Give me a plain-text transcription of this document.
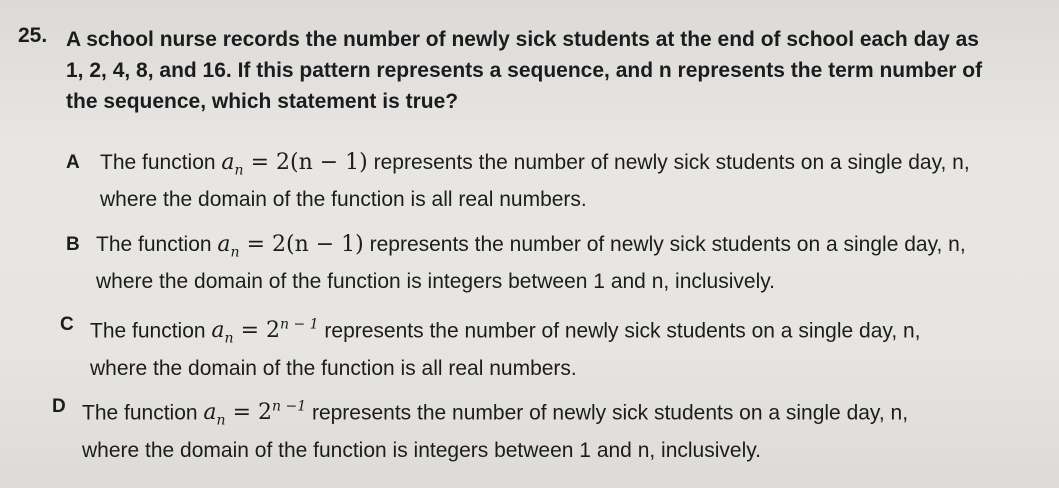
25. A school nurse records the number of newly sick students at the end of school each day as
1, 2, 4, 8, and 16. If this pattern represents a sequence, and n represents the term number of
the sequence, which statement is true?
A The function $a_n = 2(n - 1)$ represents the number of newly sick students on a single day, n,
where the domain of the function is all real numbers.
B The function $a_n = 2(n - 1)$ represents the number of newly sick students on a single day, n,
where the domain of the function is integers between 1 and n, inclusively.
C The function $a_n = 2^{n - 1}$ represents the number of newly sick students on a single day, n,
where the domain of the function is all real numbers.
D The function $a_n = 2^{n -1}$ represents the number of newly sick students on a single day, n,
where the domain of the function is integers between 1 and n, inclusively.
